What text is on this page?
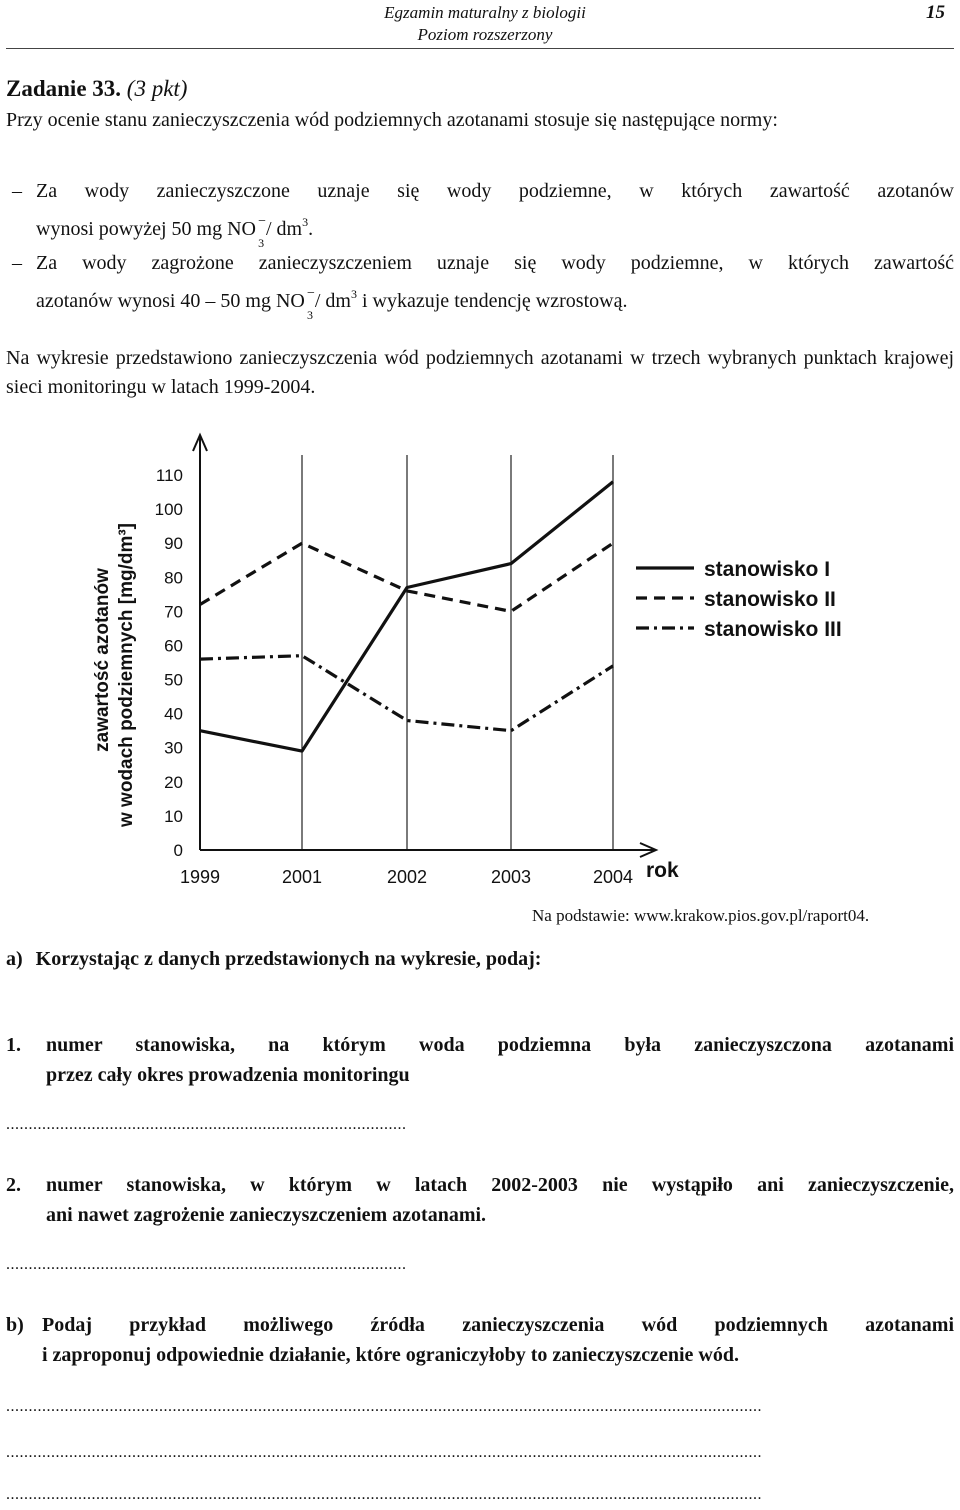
Egzamin maturalny z biologii
Poziom rozszerzony
15
Zadanie 33. (3 pkt)
Przy ocenie stanu zanieczyszczenia wód podziemnych azotanami stosuje się następujące normy:
– Za wody zanieczyszczone uznaje się wody podziemne, w których zawartość azotanów
wynosi powyżej 50 mg NO −
3
/ $dm^3$.
– Za wody zagrożone zanieczyszczeniem uznaje się wody podziemne, w których zawartość
azotanów wynosi 40 – 50 mg NO −
3
/ $dm^3$ i wykazuje tendencję wzrostową.
Na wykresie przedstawiono zanieczyszczenia wód podziemnych azotanami w trzech wybranych punktach krajowej sieci monitoringu w latach 1999-2004.
0
10
20
30
40
50
60
70
80
90
100
110
1999	2001	2002	2003	2004 rok
zawartość azotanów w wodach podziemnych [mg/dm³]	stanowisko I
stanowisko II
stanowisko III
Na podstawie: www.krakow.pios.gov.pl/raport04.
a) Korzystając z danych przedstawionych na wykresie, podaj:
1. numer stanowiska, na którym woda podziemna była zanieczyszczona azotanami
przez cały okres prowadzenia monitoringu
.........................................................................................
2. numer stanowiska, w którym w latach 2002-2003 nie wystąpiło ani zanieczyszczenie,
ani nawet zagrożenie zanieczyszczeniem azotanami.
.........................................................................................
b) Podaj przykład możliwego źródła zanieczyszczenia wód podziemnych azotanami
i zaproponuj odpowiednie działanie, które ograniczyłoby to zanieczyszczenie wód.
........................................................................................................................................................................
........................................................................................................................................................................
........................................................................................................................................................................
